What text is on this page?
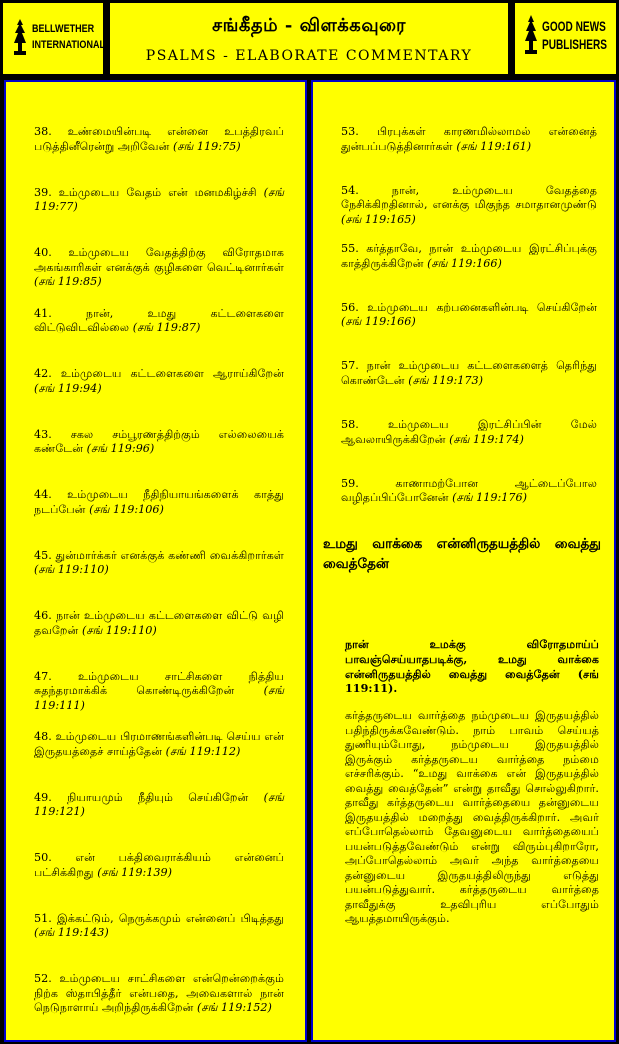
BELLWETHER
INTERNATIONAL
சங்கீதம் - விளக்கவுரை
PSALMS - ELABORATE COMMENTARY
GOOD NEWS
PUBLISHERS
38. உண்மையின்படி என்னை உபத்திரவப் படுத்தினீரென்று அறிவேன் (சங் 119:75)
39. உம்முடைய வேதம் என் மனமகிழ்ச்சி (சங் 119:77)
40. உம்முடைய வேதத்திற்கு விரோதமாக அகங்காரிகள் எனக்குக் குழிகளை வெட்டினார்கள் (சங் 119:85)
41. நான், உமது கட்டளைகளை விட்டுவிடவில்லை (சங் 119:87)
42. உம்முடைய கட்டளைகளை ஆராய்கிறேன் (சங் 119:94)
43. சகல சம்பூரணத்திற்கும் எல்லையைக் கண்டேன் (சங் 119:96)
44. உம்முடைய நீதிநியாயங்களைக் காத்து நடப்பேன் (சங் 119:106)
45. துன்மார்க்கர் எனக்குக் கண்ணி வைக்கிறார்கள் (சங் 119:110)
46. நான் உம்முடைய கட்டளைகளை விட்டு வழி தவறேன் (சங் 119:110)
47. உம்முடைய சாட்சிகளை நித்திய சுதந்தரமாக்கிக் கொண்டிருக்கிறேன் (சங் 119:111)
48. உம்முடைய பிரமாணங்களின்படி செய்ய என் இருதயத்தைச் சாய்த்தேன் (சங் 119:112)
49. நியாயமும் நீதியும் செய்கிறேன் (சங் 119:121)
50. என் பக்திவைராக்கியம் என்னைப் பட்சிக்கிறது (சங் 119:139)
51. இக்கட்டும், நெருக்கமும் என்னைப் பிடித்தது (சங் 119:143)
52. உம்முடைய சாட்சிகளை என்றென்றைக்கும் நிற்க ஸ்தாபித்தீர் என்பதை, அவைகளால் நான் நெடுநாளாய் அறிந்திருக்கிறேன் (சங் 119:152)
53. பிரபுக்கள் காரணமில்லாமல் என்னைத் துன்பப்படுத்தினார்கள் (சங் 119:161)
54. நான், உம்முடைய வேதத்தை நேசிக்கிறதினால், எனக்கு மிகுந்த சமாதானமுண்டு (சங் 119:165)
55. கர்த்தாவே, நான் உம்முடைய இரட்சிப்புக்கு காத்திருக்கிறேன் (சங் 119:166)
56. உம்முடைய கற்பனைகளின்படி செய்கிறேன் (சங் 119:166)
57. நான் உம்முடைய கட்டளைகளைத் தெரிந்து கொண்டேன் (சங் 119:173)
58. உம்முடைய இரட்சிப்பின் மேல் ஆவலாயிருக்கிறேன் (சங் 119:174)
59. காணாமற்போன ஆட்டைப்போல வழிதப்பிப்போனேன் (சங் 119:176)
உமது வாக்கை என்னிருதயத்தில் வைத்து வைத்தேன்
நான் உமக்கு விரோதமாய்ப் பாவஞ்செய்யாதபடிக்கு, உமது வாக்கை என்னிருதயத்தில் வைத்து வைத்தேன் (சங் 119:11).
கர்த்தருடைய வார்த்தை நம்முடைய இருதயத்தில் பதிந்திருக்கவேண்டும். நாம் பாவம் செய்யத் துணியும்போது, நம்முடைய இருதயத்தில் இருக்கும் கர்த்தருடைய வார்த்தை நம்மை எச்சரிக்கும். “உமது வாக்கை என் இருதயத்தில் வைத்து வைத்தேன்” என்று தாவீது சொல்லுகிறார். தாவீது கர்த்தருடைய வார்த்தையை தன்னுடைய இருதயத்தில் மறைத்து வைத்திருக்கிறார். அவர் எப்போதெல்லாம் தேவனுடைய வார்த்தையைப் பயன்படுத்தவேண்டும் என்று விரும்புகிறாரோ, அப்போதெல்லாம் அவர் அந்த வார்த்தையை தன்னுடைய இருதயத்திலிருந்து எடுத்து பயன்படுத்துவார். கர்த்தருடைய வார்த்தை தாவீதுக்கு உதவிபுரிய எப்போதும் ஆயத்தமாயிருக்கும்.
